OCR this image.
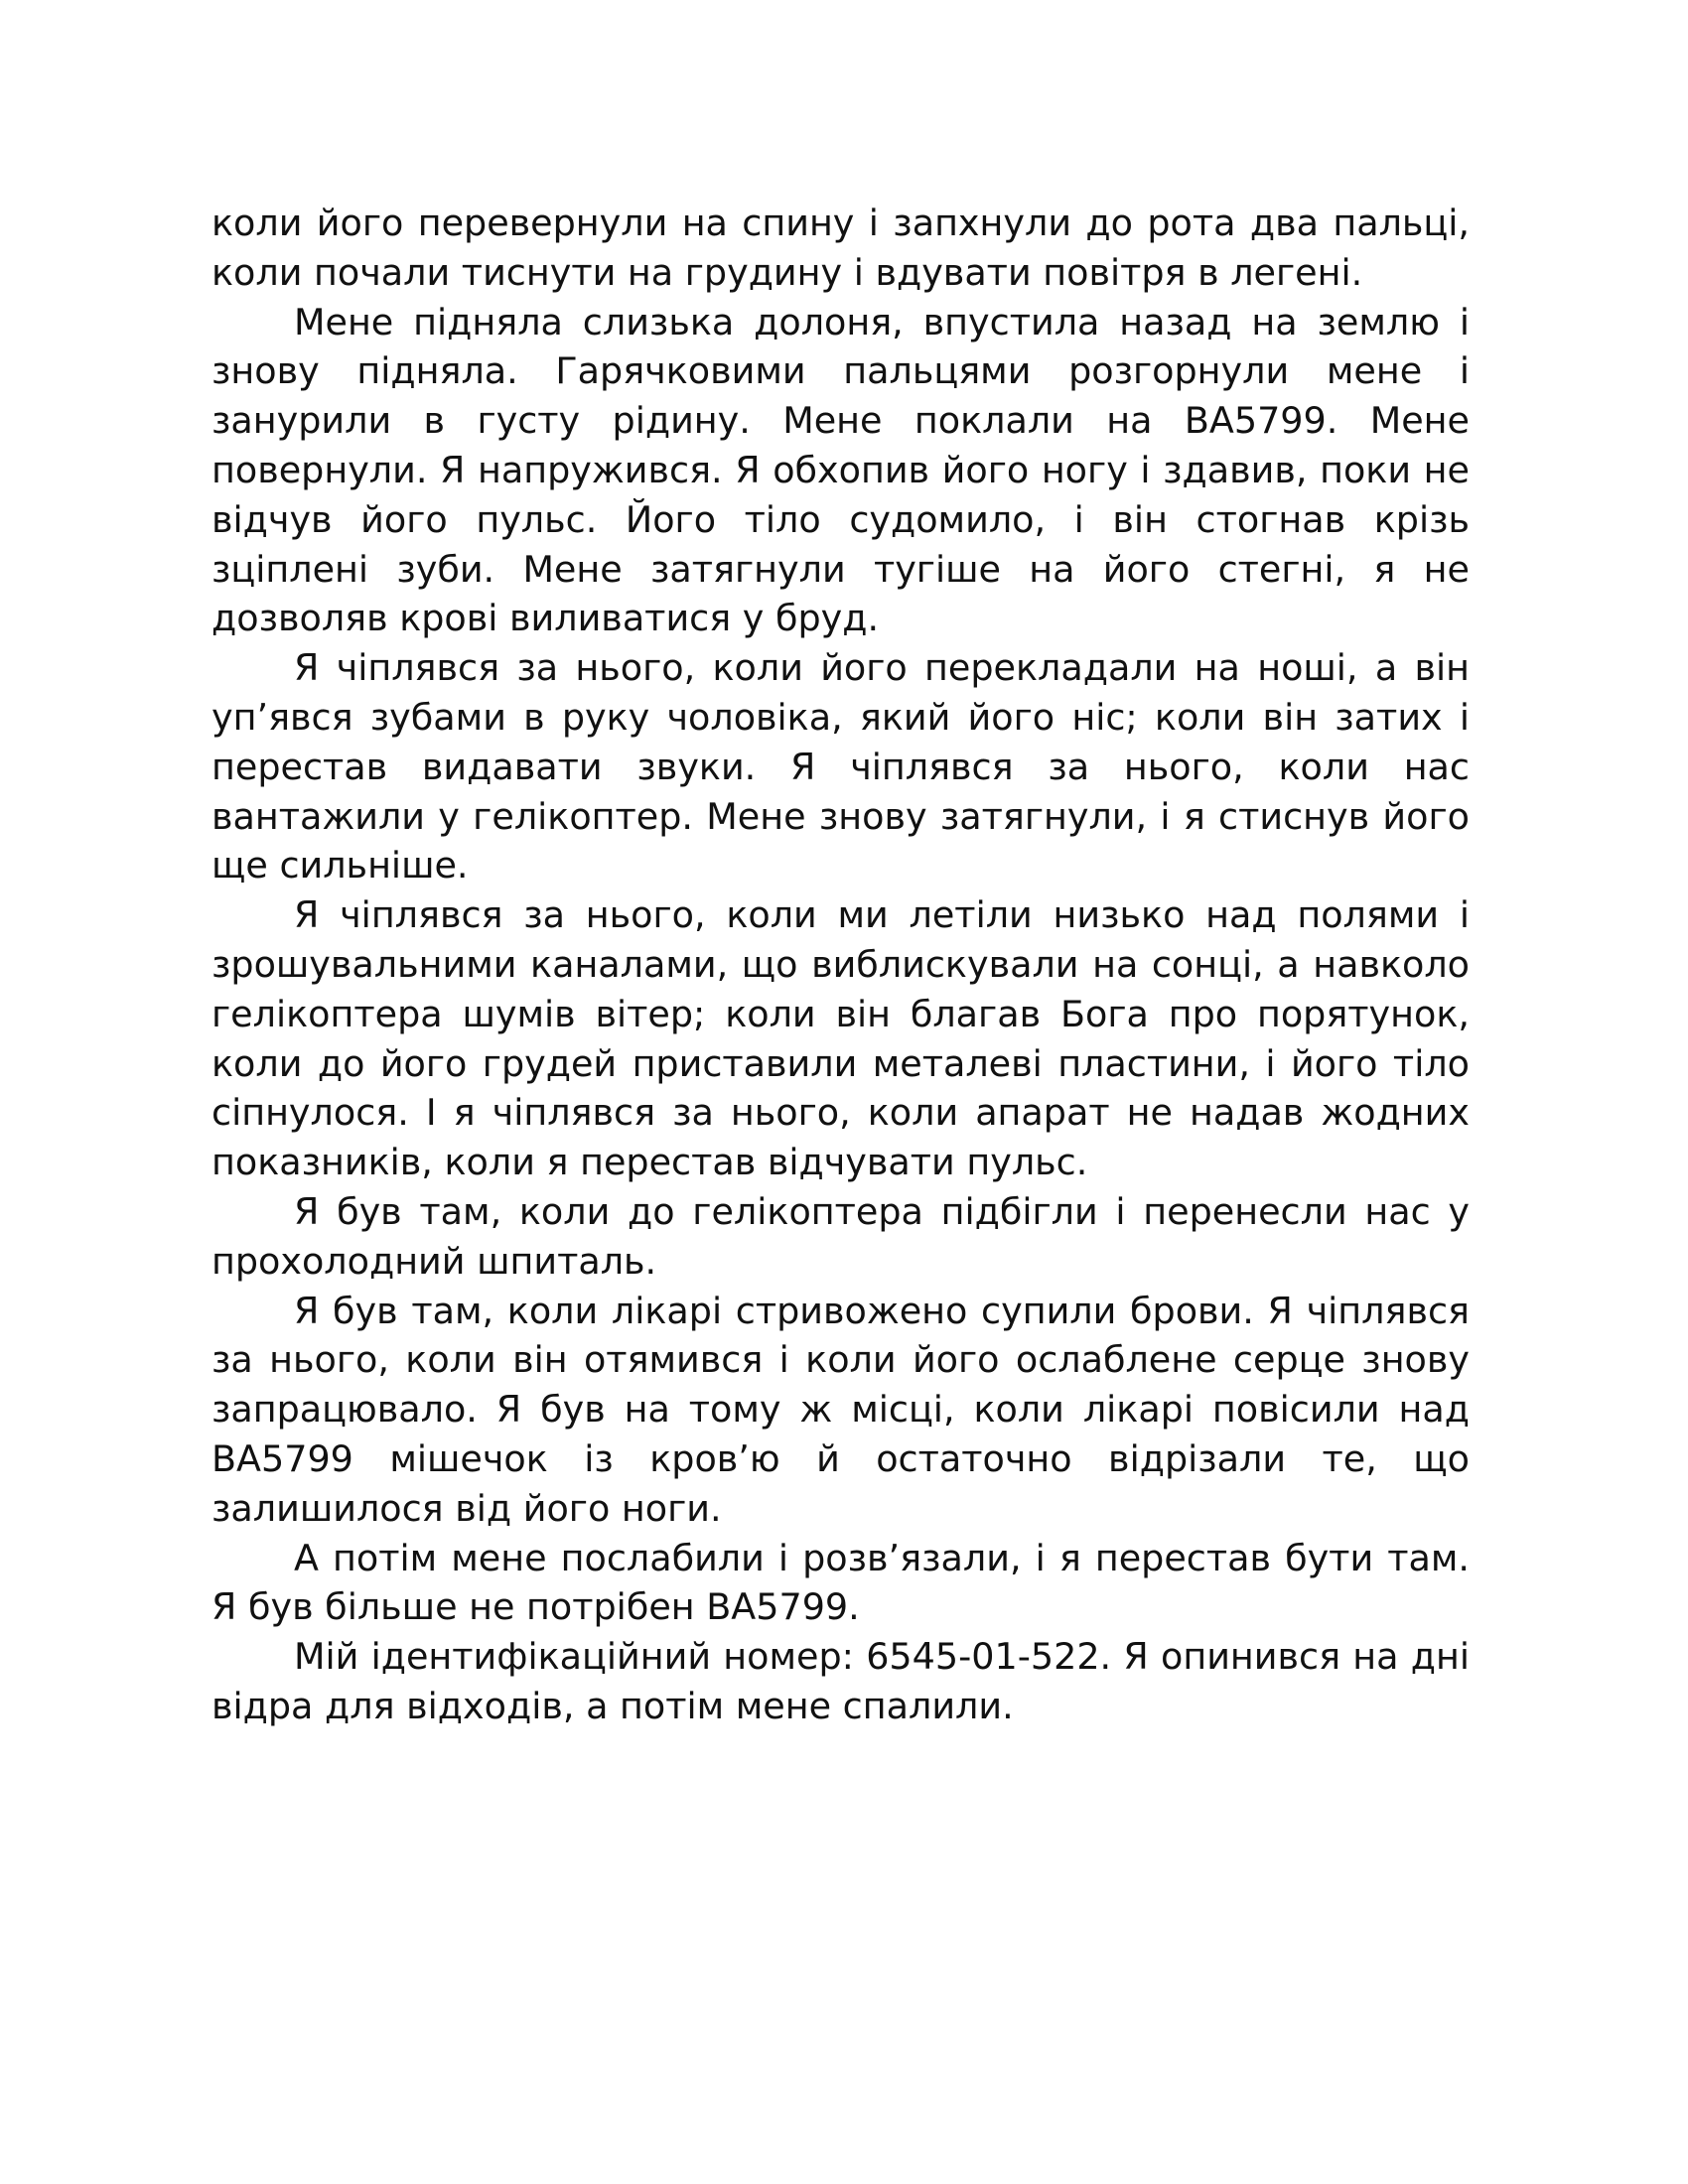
коли його перевернули на спину і запхнули до рота два пальці, коли почали тиснути на грудину і вдувати повітря в легені.

Мене підняла слизька долоня, впустила назад на землю і знову підняла. Гарячковими пальцями розгорнули мене і занурили в густу рідину. Мене поклали на BA5799. Мене повернули. Я напружився. Я обхопив його ногу і здавив, поки не відчув його пульс. Його тіло судомило, і він стогнав крізь зціплені зуби. Мене затягнули тугіше на його стегні, я не дозволяв крові виливатися у бруд.

Я чіплявся за нього, коли його перекладали на ноші, а він уп’явся зубами в руку чоловіка, який його ніс; коли він затих і перестав видавати звуки. Я чіплявся за нього, коли нас вантажили у гелікоптер. Мене знову затягнули, і я стиснув його ще сильніше.

Я чіплявся за нього, коли ми летіли низько над полями і зрошувальними каналами, що виблискували на сонці, а навколо гелікоптера шумів вітер; коли він благав Бога про порятунок, коли до його грудей приставили металеві пластини, і його тіло сіпнулося. І я чіплявся за нього, коли апарат не надав жодних показників, коли я перестав відчувати пульс.

Я був там, коли до гелікоптера підбігли і перенесли нас у прохолодний шпиталь.

Я був там, коли лікарі стривожено супили брови. Я чіплявся за нього, коли він отямився і коли його ослаблене серце знову запрацювало. Я був на тому ж місці, коли лікарі повісили над BA5799 мішечок із кров’ю й остаточно відрізали те, що залишилося від його ноги.

А потім мене послабили і розв’язали, і я перестав бути там. Я був більше не потрібен BA5799.

Мій ідентифікаційний номер: 6545-01-522. Я опинився на дні відра для відходів, а потім мене спалили.
